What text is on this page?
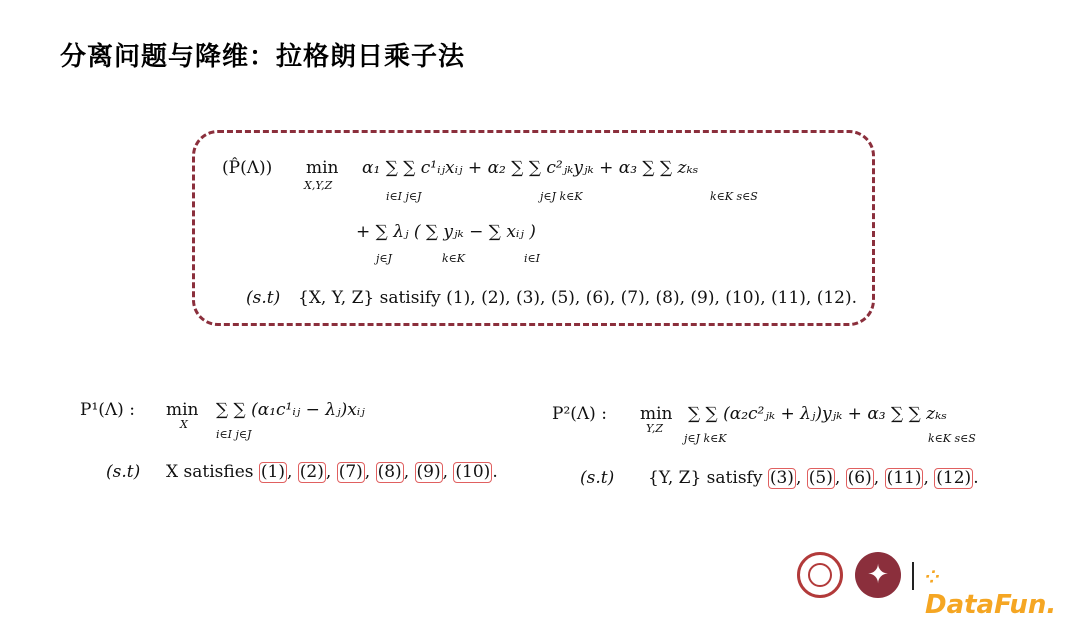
分离问题与降维：拉格朗日乘子法
(P̂(Λ)) min
X,Y,Z
α₁ ∑ ∑ c¹ᵢⱼxᵢⱼ + α₂ ∑ ∑ c²ⱼₖyⱼₖ + α₃ ∑ ∑ zₖₛ
i∈I j∈J	j∈J k∈K	k∈K s∈S
+ ∑ λⱼ ( ∑ yⱼₖ − ∑ xᵢⱼ )
j∈J	k∈K	i∈I
(s.t) {X, Y, Z} satisify (1), (2), (3), (5), (6), (7), (8), (9), (10), (11), (12).
P¹(Λ) : min
X
∑ ∑ (α₁c¹ᵢⱼ − λⱼ)xᵢⱼ
i∈I j∈J
(s.t) X satisfies (1) , (2) , (7) , (8) , (9) , (10) .
P²(Λ) : min
Y,Z
∑ ∑ (α₂c²ⱼₖ + λⱼ)yⱼₖ + α₃ ∑ ∑ zₖₛ
j∈J k∈K	k∈K s∈S
(s.t) {Y, Z} satisfy (3) , (5) , (6) , (11) , (12) .
✦	⁘DataFun.
